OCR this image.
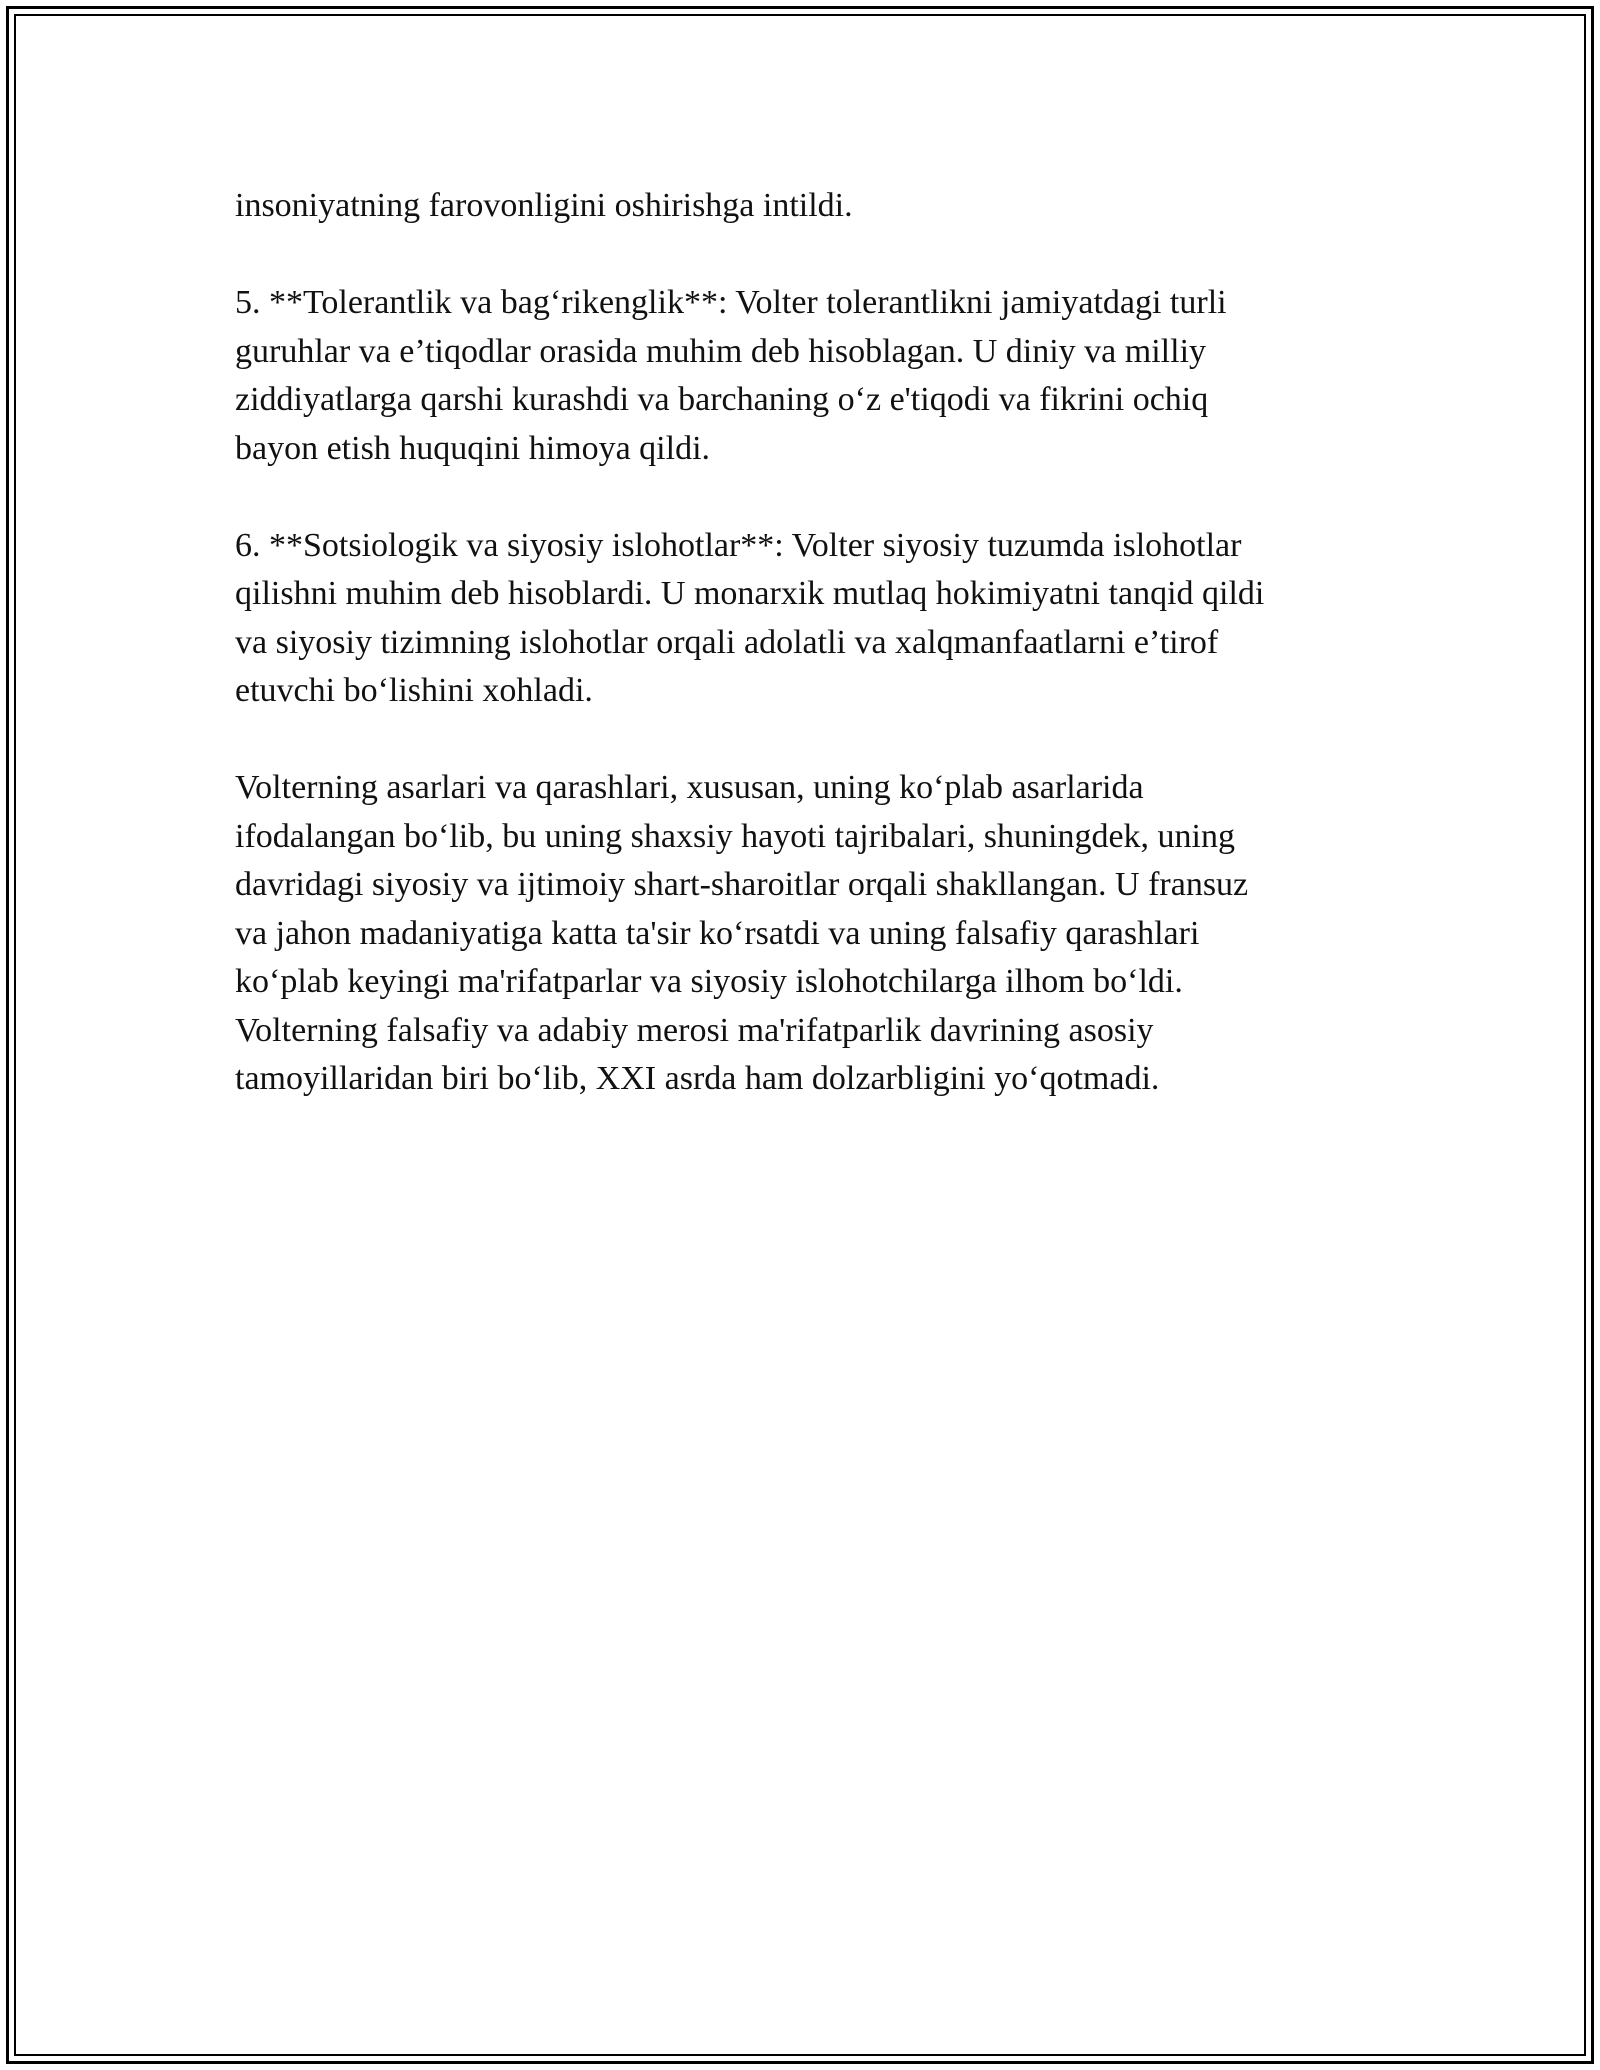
insoniyatning farovonligini oshirishga intildi.

5. **Tolerantlik va bag‘rikenglik**: Volter tolerantlikni jamiyatdagi turli
guruhlar va e’tiqodlar orasida muhim deb hisoblagan. U diniy va milliy
ziddiyatlarga qarshi kurashdi va barchaning o‘z e'tiqodi va fikrini ochiq
bayon etish huquqini himoya qildi.

6. **Sotsiologik va siyosiy islohotlar**: Volter siyosiy tuzumda islohotlar
qilishni muhim deb hisoblardi. U monarxik mutlaq hokimiyatni tanqid qildi
va siyosiy tizimning islohotlar orqali adolatli va xalqmanfaatlarni e’tirof
etuvchi bo‘lishini xohladi.

Volterning asarlari va qarashlari, xususan, uning ko‘plab asarlarida
ifodalangan bo‘lib, bu uning shaxsiy hayoti tajribalari, shuningdek, uning
davridagi siyosiy va ijtimoiy shart-sharoitlar orqali shakllangan. U fransuz
va jahon madaniyatiga katta ta'sir ko‘rsatdi va uning falsafiy qarashlari
ko‘plab keyingi ma'rifatparlar va siyosiy islohotchilarga ilhom bo‘ldi.
Volterning falsafiy va adabiy merosi ma'rifatparlik davrining asosiy
tamoyillaridan biri bo‘lib, XXI asrda ham dolzarbligini yo‘qotmadi.
